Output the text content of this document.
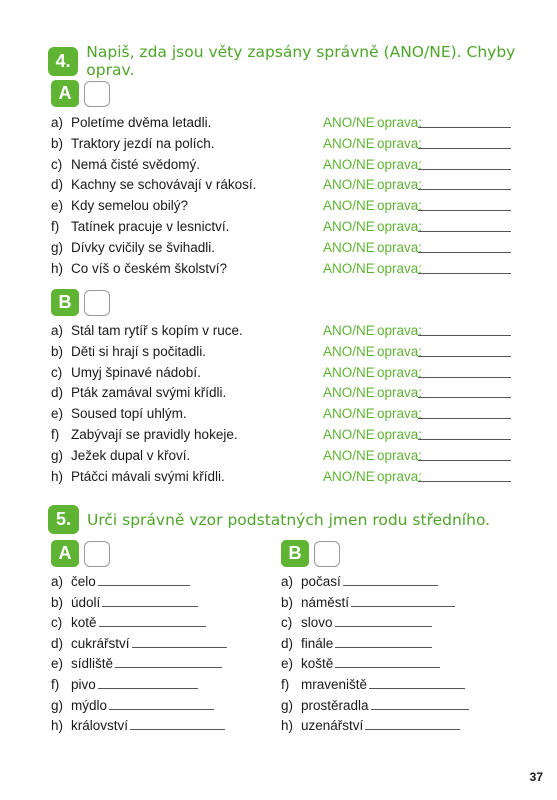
4.	Napiš, zda jsou věty zapsány správně (ANO/NE). Chyby oprav.
A
a) Poletíme dvěma letadli.	ANO/NE oprava:
b) Traktory jezdí na polích.	ANO/NE oprava:
c) Nemá čisté svědomý.	ANO/NE oprava:
d) Kachny se schovávají v rákosí.	ANO/NE oprava:
e) Kdy semelou obilý?	ANO/NE oprava:
f) Tatínek pracuje v lesnictví.	ANO/NE oprava:
g) Dívky cvičily se švihadli.	ANO/NE oprava:
h) Co víš o českém školství?	ANO/NE oprava:
B
a) Stál tam rytíř s kopím v ruce.	ANO/NE oprava:
b) Děti si hrají s počitadli.	ANO/NE oprava:
c) Umyj špinavé nádobí.	ANO/NE oprava:
d) Pták zamával svými křídli.	ANO/NE oprava:
e) Soused topí uhlým.	ANO/NE oprava:
f) Zabývají se pravidly hokeje.	ANO/NE oprava:
g) Ježek dupal v křoví.	ANO/NE oprava:
h) Ptáčci mávali svými křídli.	ANO/NE oprava:
5.	Urči správně vzor podstatných jmen rodu středního.
A	B
a) čelo
b) údolí
c) kotě
d) cukrářství
e) sídliště
f) pivo
g) mýdlo
h) království
a) počasí
b) náměstí
c) slovo
d) finále
e) koště
f) mraveniště
g) prostěradla
h) uzenářství
37
